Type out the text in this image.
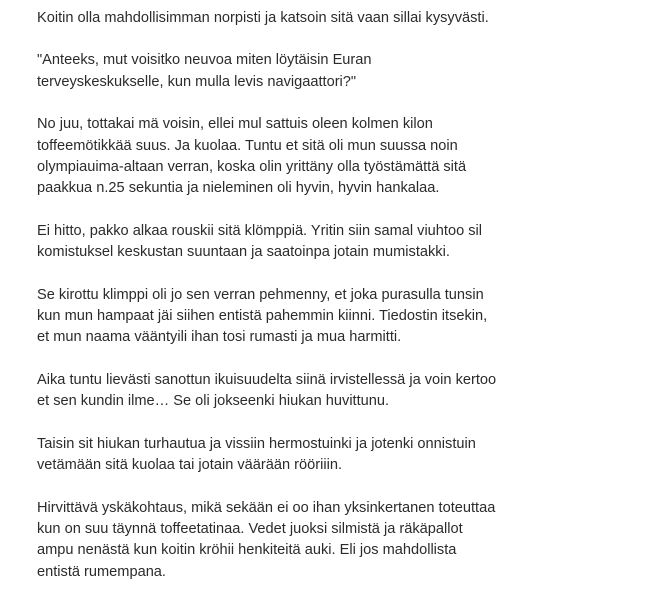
Koitin olla mahdollisimman norpisti ja katsoin sitä vaan sillai kysyvästi.

"Anteeks, mut voisitko neuvoa miten löytäisin Euran
terveyskeskukselle, kun mulla levis navigaattori?"

No juu, tottakai mä voisin, ellei mul sattuis oleen kolmen kilon
toffeemötikkää suus. Ja kuolaa. Tuntu et sitä oli mun suussa noin
olympiauima-altaan verran, koska olin yrittäny olla työstämättä sitä
paakkua n.25 sekuntia ja nieleminen oli hyvin, hyvin hankalaa.

Ei hitto, pakko alkaa rouskii sitä klömppiä. Yritin siin samal viuhtoo sil
komistuksel keskustan suuntaan ja saatoinpa jotain mumistakki.

Se kirottu klimppi oli jo sen verran pehmenny, et joka purasulla tunsin
kun mun hampaat jäi siihen entistä pahemmin kiinni. Tiedostin itsekin,
et mun naama vääntyili ihan tosi rumasti ja mua harmitti.

Aika tuntu lievästi sanottun ikuisuudelta siinä irvistellessä ja voin kertoo
et sen kundin ilme… Se oli jokseenki hiukan huvittunu.

Taisin sit hiukan turhautua ja vissiin hermostuinki ja jotenki onnistuin
vetämään sitä kuolaa tai jotain väärään rööriiin.

Hirvittävä yskäkohtaus, mikä sekään ei oo ihan yksinkertanen toteuttaa
kun on suu täynnä toffeetatinaa. Vedet juoksi silmistä ja räkäpallot
ampu nenästä kun koitin kröhii henkiteitä auki. Eli jos mahdollista
entistä rumempana.
